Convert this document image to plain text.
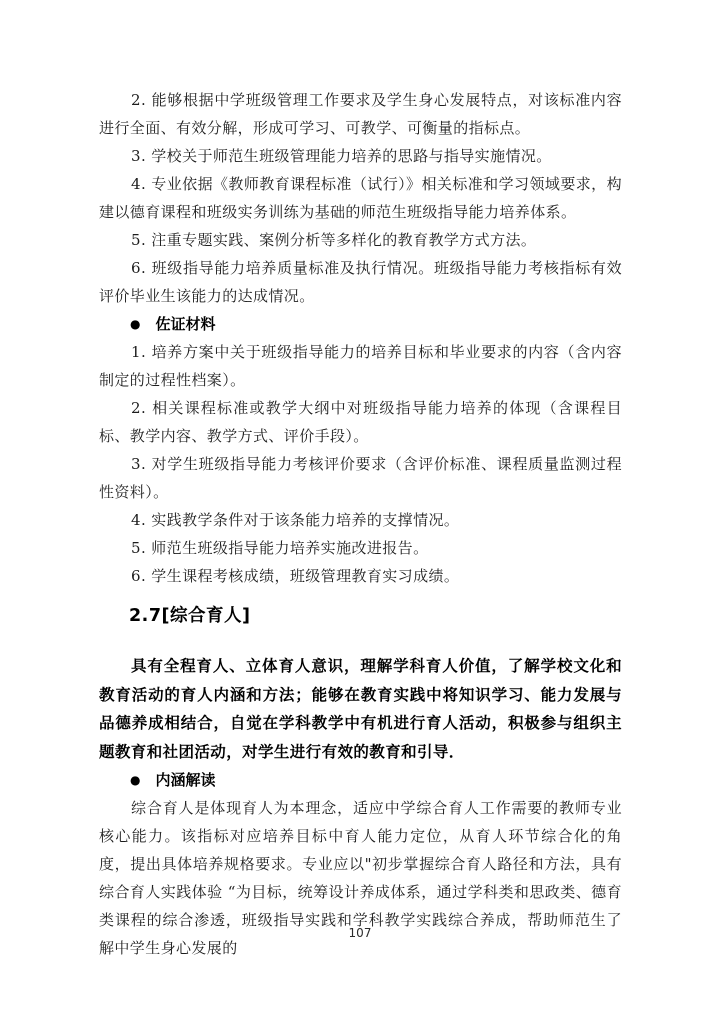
2. 能够根据中学班级管理工作要求及学生身心发展特点，对该标准内容进行全面、有效分解，形成可学习、可教学、可衡量的指标点。

3. 学校关于师范生班级管理能力培养的思路与指导实施情况。

4. 专业依据《教师教育课程标准（试行）》相关标准和学习领域要求，构建以德育课程和班级实务训练为基础的师范生班级指导能力培养体系。

5. 注重专题实践、案例分析等多样化的教育教学方式方法。

6. 班级指导能力培养质量标准及执行情况。班级指导能力考核指标有效评价毕业生该能力的达成情况。

● 佐证材料

1. 培养方案中关于班级指导能力的培养目标和毕业要求的内容（含内容制定的过程性档案）。

2. 相关课程标准或教学大纲中对班级指导能力培养的体现（含课程目标、教学内容、教学方式、评价手段）。

3. 对学生班级指导能力考核评价要求（含评价标准、课程质量监测过程性资料）。

4. 实践教学条件对于该条能力培养的支撑情况。

5. 师范生班级指导能力培养实施改进报告。

6. 学生课程考核成绩，班级管理教育实习成绩。

2.7[综合育人]

具有全程育人、立体育人意识，理解学科育人价值，了解学校文化和教育活动的育人内涵和方法；能够在教育实践中将知识学习、能力发展与品德养成相结合，自觉在学科教学中有机进行育人活动，积极参与组织主题教育和社团活动，对学生进行有效的教育和引导．

● 内涵解读

综合育人是体现育人为本理念，适应中学综合育人工作需要的教师专业核心能力。该指标对应培养目标中育人能力定位，从育人环节综合化的角度，提出具体培养规格要求。专业应以"初步掌握综合育人路径和方法，具有综合育人实践体验 “为目标，统筹设计养成体系，通过学科类和思政类、德育类课程的综合渗透，班级指导实践和学科教学实践综合养成，帮助师范生了解中学生身心发展的

107
